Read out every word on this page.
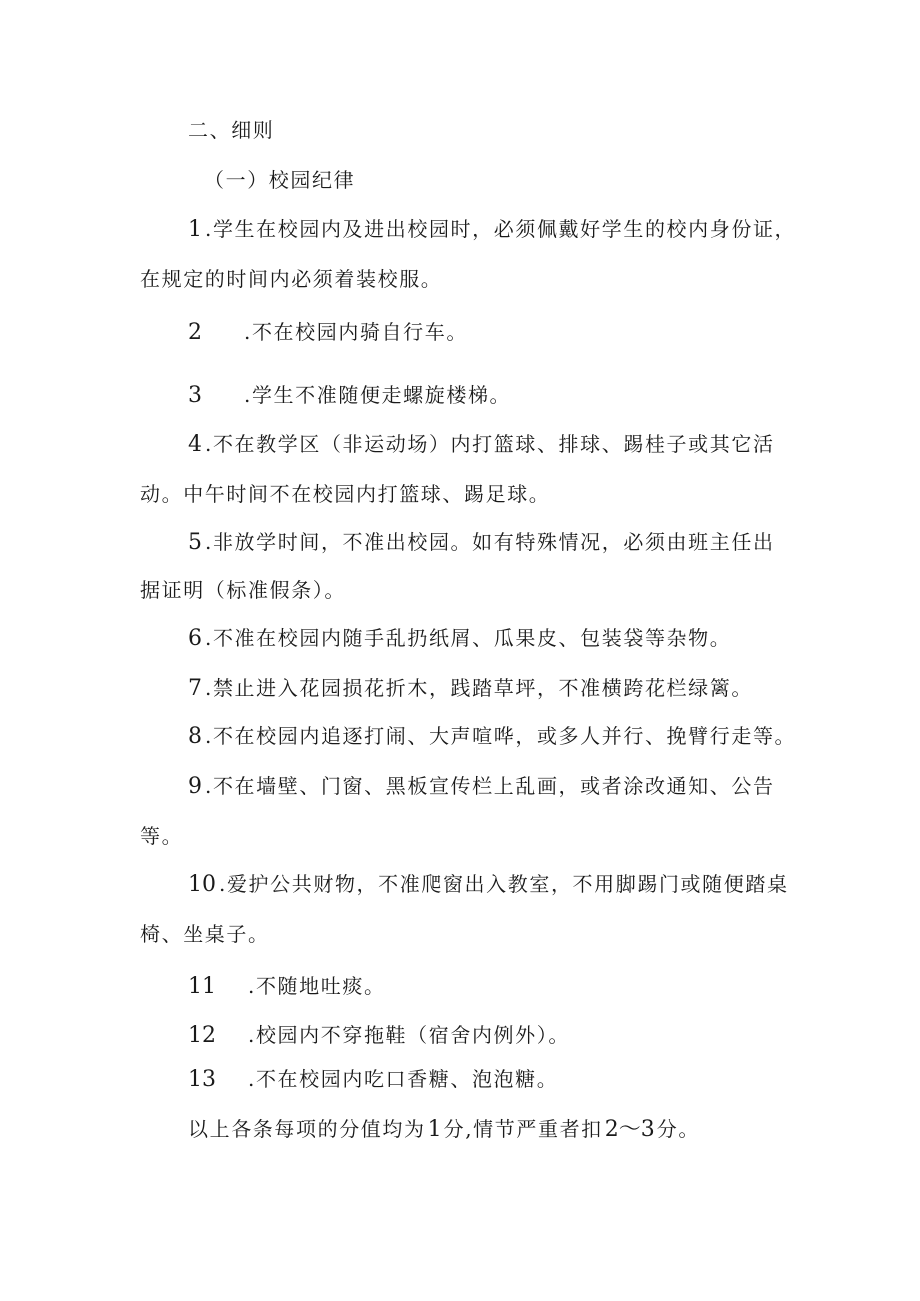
二、细则
（一）校园纪律
1 .学生在校园内及进出校园时，必须佩戴好学生的校内身份证，
在规定的时间内必须着装校服。
2 .不在校园内骑自行车。
3 .学生不准随便走螺旋楼梯。
4 .不在教学区（非运动场）内打篮球、排球、踢桂子或其它活
动。中午时间不在校园内打篮球、踢足球。
5 .非放学时间，不准出校园。如有特殊情况，必须由班主任出
据证明（标准假条）。
6 .不准在校园内随手乱扔纸屑、瓜果皮、包装袋等杂物。
7 .禁止进入花园损花折木，践踏草坪，不准横跨花栏绿篱。
8 .不在校园内追逐打闹、大声喧哗，或多人并行、挽臂行走等。
9 .不在墙壁、门窗、黑板宣传栏上乱画，或者涂改通知、公告
等。
10 .爱护公共财物，不准爬窗出入教室，不用脚踢门或随便踏桌
椅、坐桌子。
11 .不随地吐痰。
12 .校园内不穿拖鞋（宿舍内例外）。
13 .不在校园内吃口香糖、泡泡糖。
以上各条每项的分值均为1 分,情节严重者扣2～3 分。
